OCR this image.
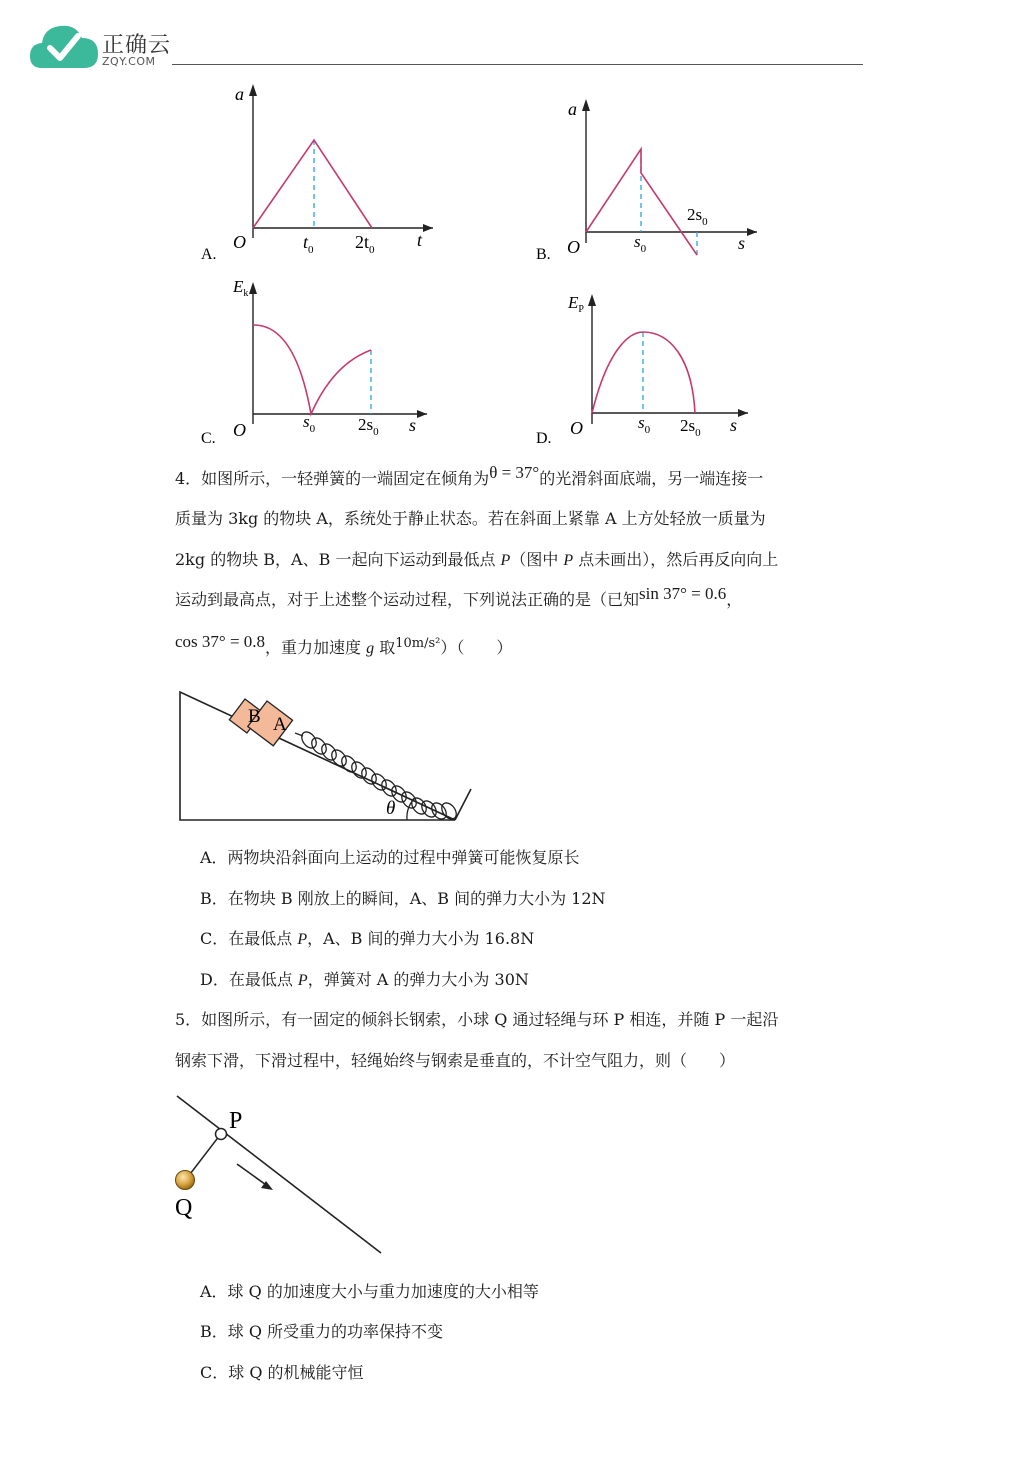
正确云
ZQY.COM
a
O	$t_0$ $2t_0$ t
A.
a
O	$s_0$
$2s_0$
s
B.
$E_k$
O	$s_0$	$2s_0$ s
C.
$E_P$
O	$s_0$ $2s_0$ s
D.
4．如图所示，一轻弹簧的一端固定在倾角为θ = 37°的光滑斜面底端，另一端连接一
质量为 3kg 的物块 A，系统处于静止状态。若在斜面上紧靠 A 上方处轻放一质量为
2kg 的物块 B，A、B 一起向下运动到最低点 P（图中 P 点未画出），然后再反向向上
运动到最高点，对于上述整个运动过程，下列说法正确的是（已知sin 37° = 0.6，
cos 37° = 0.8，重力加速度 g 取$^{10m/s^2}$）（　　）
B A
θ
A．两物块沿斜面向上运动的过程中弹簧可能恢复原长
B．在物块 B 刚放上的瞬间，A、B 间的弹力大小为 12N
C．在最低点 P，A、B 间的弹力大小为 16.8N
D．在最低点 P，弹簧对 A 的弹力大小为 30N
5．如图所示，有一固定的倾斜长钢索，小球 Q 通过轻绳与环 P 相连，并随 P 一起沿
钢索下滑，下滑过程中，轻绳始终与钢索是垂直的，不计空气阻力，则（　　）
P
Q
A．球 Q 的加速度大小与重力加速度的大小相等
B．球 Q 所受重力的功率保持不变
C．球 Q 的机械能守恒
